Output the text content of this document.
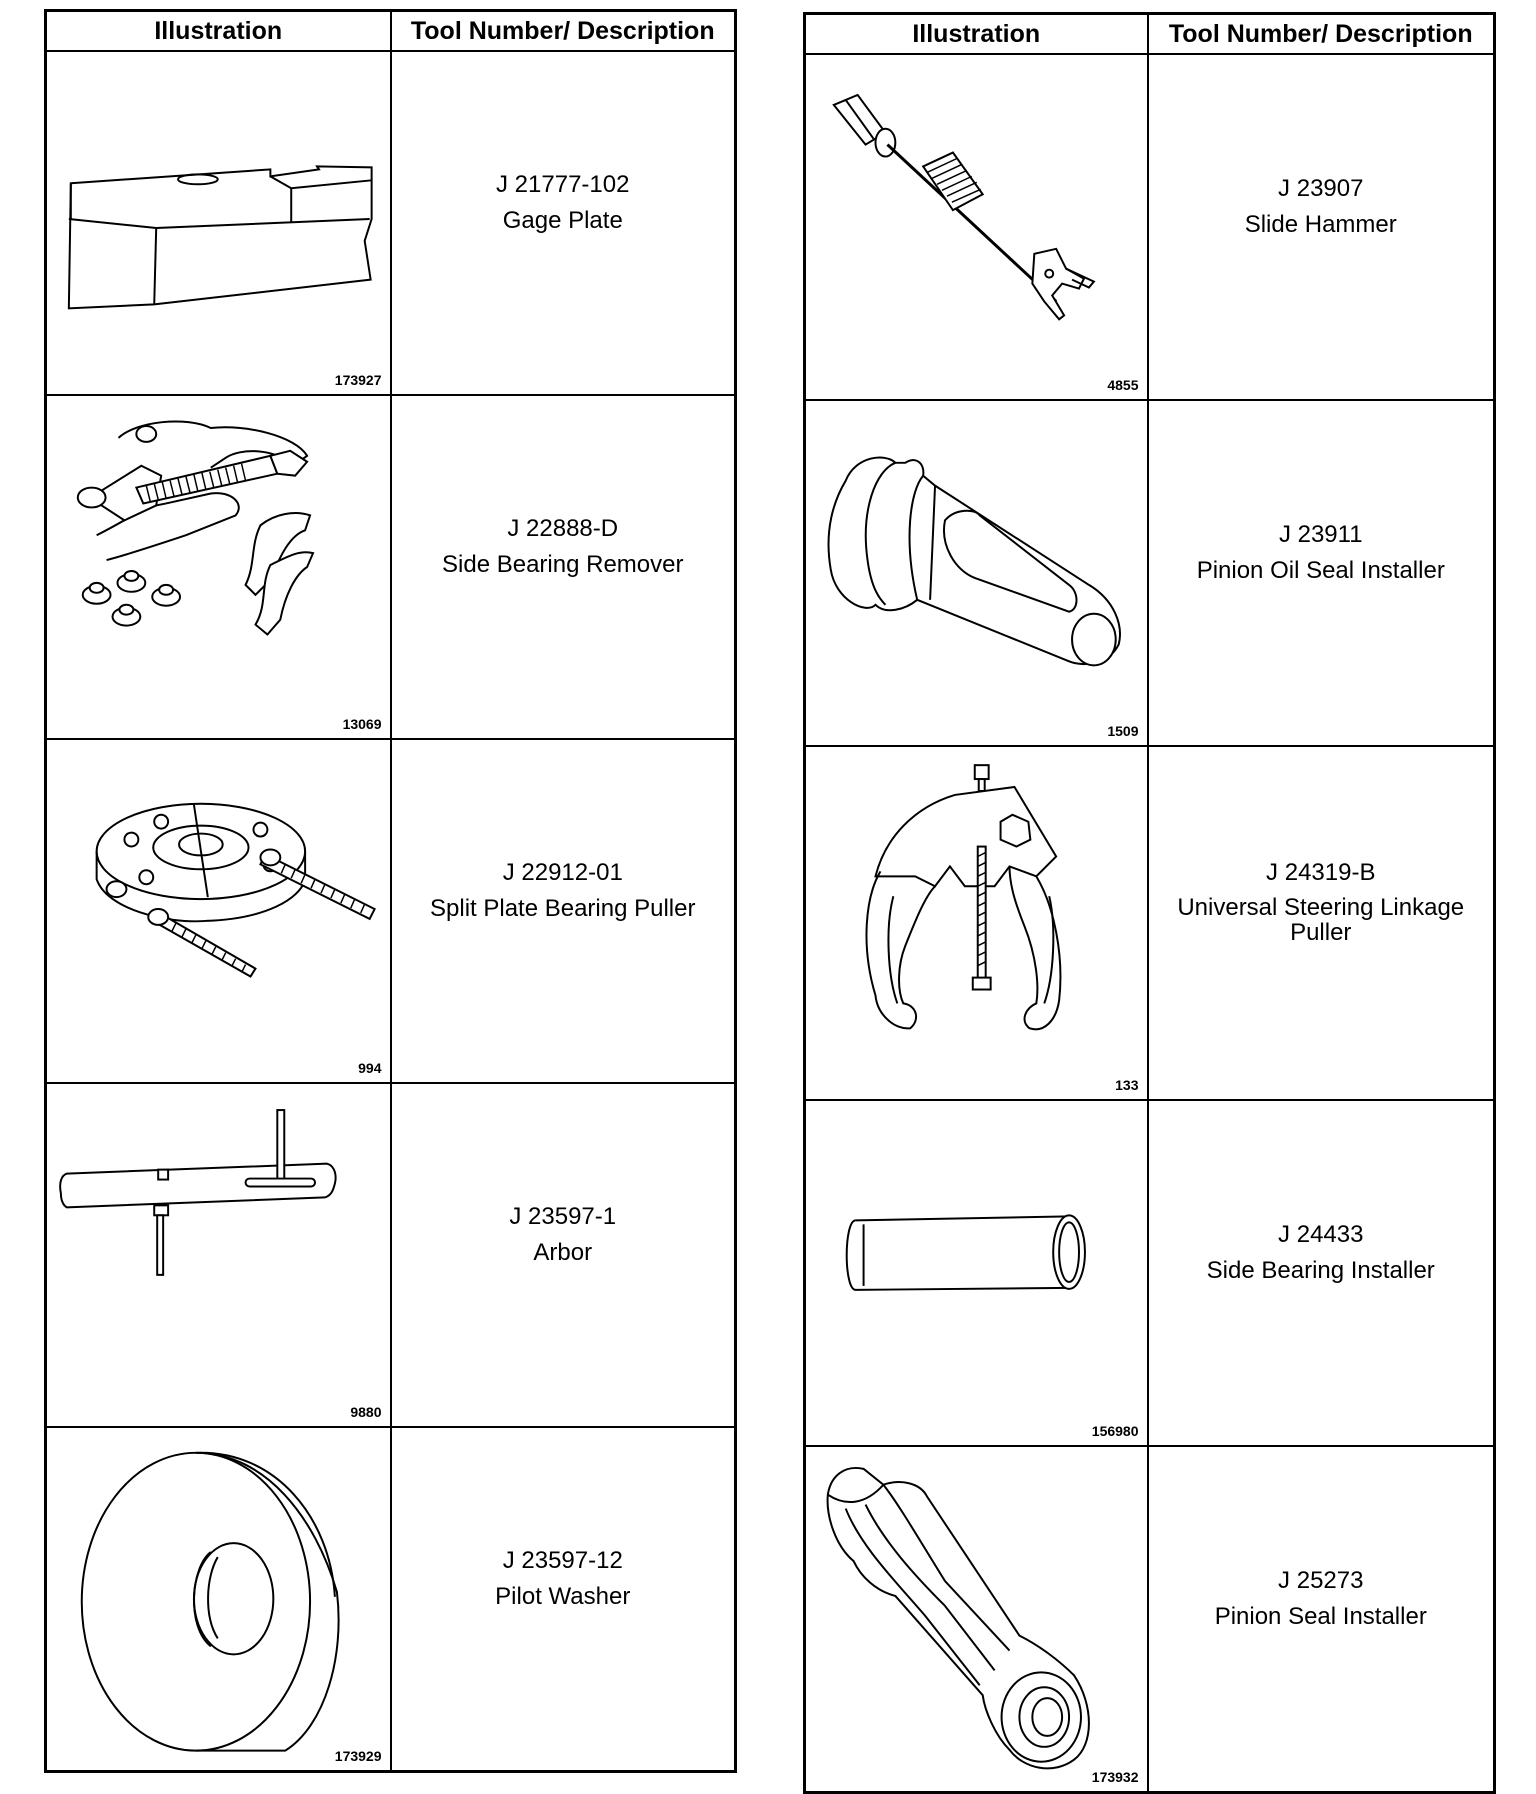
Illustration	Tool Number/ Description

173927	J 21777-102
Gage Plate

13069	J 22888-D
Side Bearing Remover

994	J 22912-01
Split Plate Bearing Puller

9880	J 23597-1
Arbor

173929	J 23597-12
Pilot Washer
Illustration	Tool Number/ Description

4855	J 23907
Slide Hammer

1509	J 23911
Pinion Oil Seal Installer

133	J 24319-B
Universal Steering Linkage Puller

156980	J 24433
Side Bearing Installer

173932	J 25273
Pinion Seal Installer
